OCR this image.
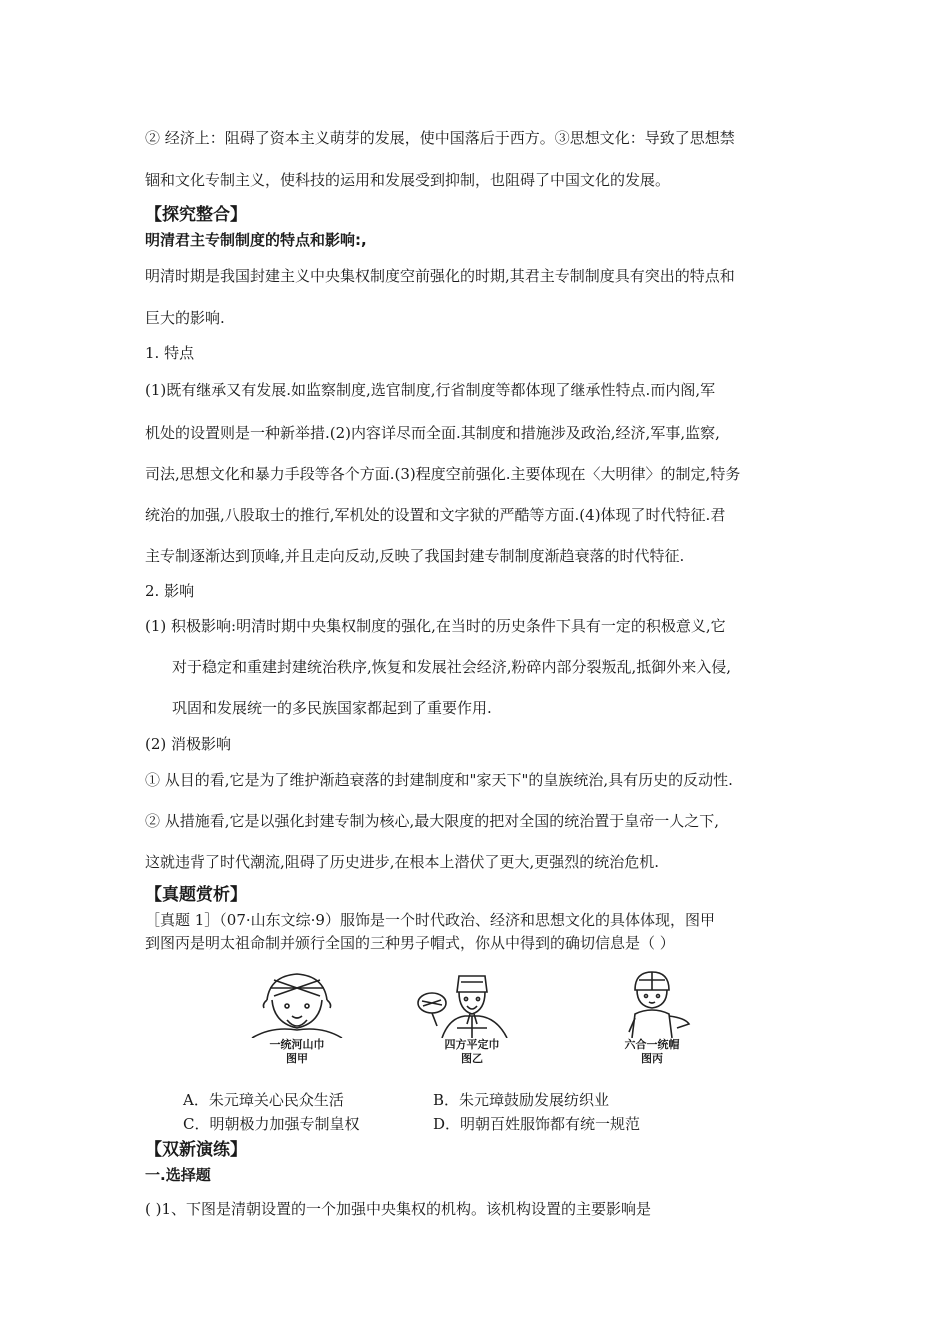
② 经济上：阻碍了资本主义萌芽的发展，使中国落后于西方。③思想文化：导致了思想禁
锢和文化专制主义，使科技的运用和发展受到抑制，也阻碍了中国文化的发展。
【探究整合】
明清君主专制制度的特点和影响:,
明清时期是我国封建主义中央集权制度空前强化的时期,其君主专制制度具有突出的特点和
巨大的影响.
1. 特点
(1)既有继承又有发展.如监察制度,选官制度,行省制度等都体现了继承性特点.而内阁,军
机处的设置则是一种新举措.(2)内容详尽而全面.其制度和措施涉及政治,经济,军事,监察,
司法,思想文化和暴力手段等各个方面.(3)程度空前强化.主要体现在〈大明律〉的制定,特务
统治的加强,八股取士的推行,军机处的设置和文字狱的严酷等方面.(4)体现了时代特征.君
主专制逐渐达到顶峰,并且走向反动,反映了我国封建专制制度渐趋衰落的时代特征.
2. 影响
(1) 积极影响:明清时期中央集权制度的强化,在当时的历史条件下具有一定的积极意义,它
对于稳定和重建封建统治秩序,恢复和发展社会经济,粉碎内部分裂叛乱,抵御外来入侵,
巩固和发展统一的多民族国家都起到了重要作用.
(2) 消极影响
① 从目的看,它是为了维护渐趋衰落的封建制度和"家天下"的皇族统治,具有历史的反动性.
② 从措施看,它是以强化封建专制为核心,最大限度的把对全国的统治置于皇帝一人之下,
这就违背了时代潮流,阻碍了历史进步,在根本上潜伏了更大,更强烈的统治危机.
【真题赏析】
［真题 1］（07·山东文综·9）服饰是一个时代政治、经济和思想文化的具体体现，图甲
到图丙是明太祖命制并颁行全国的三种男子帽式，你从中得到的确切信息是（ ）
一统河山巾
图甲
四方平定巾
图乙
六合一统帽
图丙
A．朱元璋关心民众生活	B．朱元璋鼓励发展纺织业
C．明朝极力加强专制皇权	D．明朝百姓服饰都有统一规范
【双新演练】
一.选择题
( )1、下图是清朝设置的一个加强中央集权的机构。该机构设置的主要影响是
